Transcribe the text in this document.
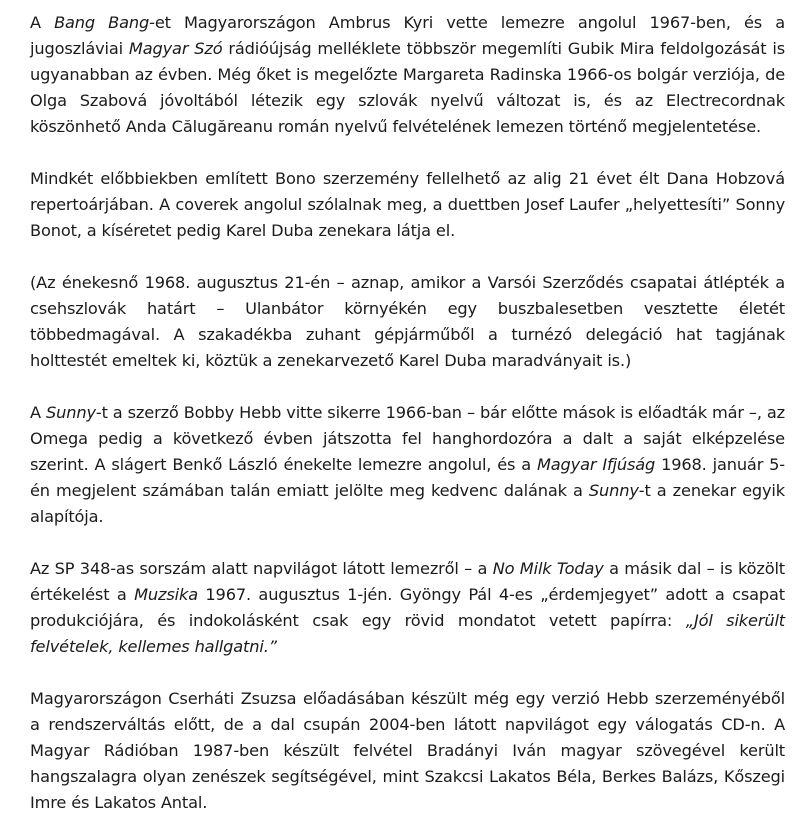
A Bang Bang-et Magyarországon Ambrus Kyri vette lemezre angolul 1967-ben, és a jugoszláviai Magyar Szó rádióújság melléklete többször megemlíti Gubik Mira feldolgozását is ugyanabban az évben. Még őket is megelőzte Margareta Radinska 1966-os bolgár verziója, de Olga Szabová jóvoltából létezik egy szlovák nyelvű változat is, és az Electrecordnak köszönhető Anda Călugăreanu román nyelvű felvételének lemezen történő megjelentetése.

Mindkét előbbiekben említett Bono szerzemény fellelhető az alig 21 évet élt Dana Hobzová repertoárjában. A coverek angolul szólalnak meg, a duettben Josef Laufer „helyettesíti” Sonny Bonot, a kíséretet pedig Karel Duba zenekara látja el.

(Az énekesnő 1968. augusztus 21-én – aznap, amikor a Varsói Szerződés csapatai átlépték a csehszlovák határt – Ulanbátor környékén egy buszbalesetben vesztette életét többedmagával. A szakadékba zuhant gépjárműből a turnézó delegáció hat tagjának holttestét emeltek ki, köztük a zenekarvezető Karel Duba maradványait is.)

A Sunny-t a szerző Bobby Hebb vitte sikerre 1966-ban – bár előtte mások is előadták már –, az Omega pedig a következő évben játszotta fel hanghordozóra a dalt a saját elképzelése szerint. A slágert Benkő László énekelte lemezre angolul, és a Magyar Ifjúság 1968. január 5-én megjelent számában talán emiatt jelölte meg kedvenc dalának a Sunny-t a zenekar egyik alapítója.

Az SP 348-as sorszám alatt napvilágot látott lemezről – a No Milk Today a másik dal – is közölt értékelést a Muzsika 1967. augusztus 1-jén. Gyöngy Pál 4-es „érdemjegyet” adott a csapat produkciójára, és indokolásként csak egy rövid mondatot vetett papírra: „Jól sikerült felvételek, kellemes hallgatni.”

Magyarországon Cserháti Zsuzsa előadásában készült még egy verzió Hebb szerzeményéből a rendszerváltás előtt, de a dal csupán 2004-ben látott napvilágot egy válogatás CD-n. A Magyar Rádióban 1987-ben készült felvétel Bradányi Iván magyar szövegével került hangszalagra olyan zenészek segítségével, mint Szakcsi Lakatos Béla, Berkes Balázs, Kőszegi Imre és Lakatos Antal.
